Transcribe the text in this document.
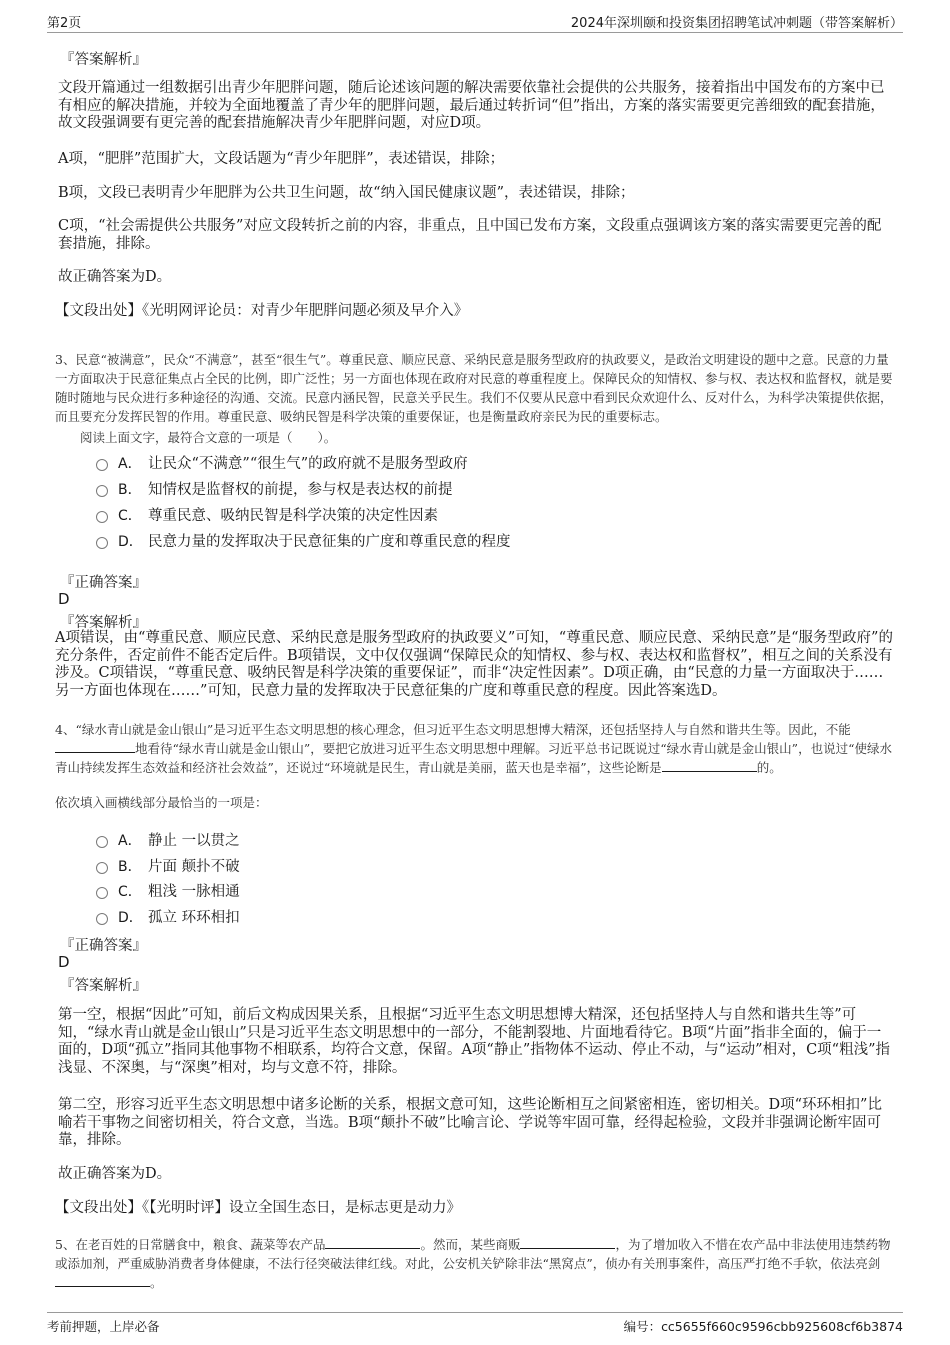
第2页	2024年深圳颐和投资集团招聘笔试冲刺题（带答案解析）
『答案解析』
文段开篇通过一组数据引出青少年肥胖问题，随后论述该问题的解决需要依靠社会提供的公共服务，接着指出中国发布的方案中已有相应的解决措施，并较为全面地覆盖了青少年的肥胖问题，最后通过转折词“但”指出，方案的落实需要更完善细致的配套措施，故文段强调要有更完善的配套措施解决青少年肥胖问题，对应D项。
A项，“肥胖”范围扩大，文段话题为“青少年肥胖”，表述错误，排除；
B项，文段已表明青少年肥胖为公共卫生问题，故“纳入国民健康议题”，表述错误，排除；
C项，“社会需提供公共服务”对应文段转折之前的内容，非重点，且中国已发布方案，文段重点强调该方案的落实需要更完善的配套措施，排除。
故正确答案为D。
【文段出处】《光明网评论员：对青少年肥胖问题必须及早介入》
3、民意“被满意”，民众“不满意”，甚至“很生气”。尊重民意、顺应民意、采纳民意是服务型政府的执政要义，是政治文明建设的题中之意。民意的力量一方面取决于民意征集点占全民的比例，即广泛性；另一方面也体现在政府对民意的尊重程度上。保障民众的知情权、参与权、表达权和监督权，就是要随时随地与民众进行多种途径的沟通、交流。民意内涵民智，民意关乎民生。我们不仅要从民意中看到民众欢迎什么、反对什么，为科学决策提供依据，而且要充分发挥民智的作用。尊重民意、吸纳民智是科学决策的重要保证，也是衡量政府亲民为民的重要标志。
阅读上面文字，最符合文意的一项是（　　）。
A． 让民众“不满意”“很生气”的政府就不是服务型政府
B． 知情权是监督权的前提，参与权是表达权的前提
C． 尊重民意、吸纳民智是科学决策的决定性因素
D． 民意力量的发挥取决于民意征集的广度和尊重民意的程度
『正确答案』
D
『答案解析』
A项错误，由“尊重民意、顺应民意、采纳民意是服务型政府的执政要义”可知，“尊重民意、顺应民意、采纳民意”是“服务型政府”的充分条件，否定前件不能否定后件。B项错误，文中仅仅强调“保障民众的知情权、参与权、表达权和监督权”，相互之间的关系没有涉及。C项错误，“尊重民意、吸纳民智是科学决策的重要保证”，而非“决定性因素”。D项正确，由“民意的力量一方面取决于……另一方面也体现在……”可知，民意力量的发挥取决于民意征集的广度和尊重民意的程度。因此答案选D。
4、“绿水青山就是金山银山”是习近平生态文明思想的核心理念，但习近平生态文明思想博大精深，还包括坚持人与自然和谐共生等。因此，不能地看待“绿水青山就是金山银山”，要把它放进习近平生态文明思想中理解。习近平总书记既说过“绿水青山就是金山银山”，也说过“使绿水青山持续发挥生态效益和经济社会效益”，还说过“环境就是民生，青山就是美丽，蓝天也是幸福”，这些论断是	的。
依次填入画横线部分最恰当的一项是：
A． 静止 一以贯之
B． 片面 颠扑不破
C． 粗浅 一脉相通
D． 孤立 环环相扣
『正确答案』
D
『答案解析』
第一空，根据“因此”可知，前后文构成因果关系，且根据“习近平生态文明思想博大精深，还包括坚持人与自然和谐共生等”可知，“绿水青山就是金山银山”只是习近平生态文明思想中的一部分，不能割裂地、片面地看待它。B项“片面”指非全面的，偏于一面的，D项“孤立”指同其他事物不相联系，均符合文意，保留。A项“静止”指物体不运动、停止不动，与“运动”相对，C项“粗浅”指浅显、不深奥，与“深奥”相对，均与文意不符，排除。
第二空，形容习近平生态文明思想中诸多论断的关系，根据文意可知，这些论断相互之间紧密相连，密切相关。D项“环环相扣”比喻若干事物之间密切相关，符合文意，当选。B项“颠扑不破”比喻言论、学说等牢固可靠，经得起检验，文段并非强调论断牢固可靠，排除。
故正确答案为D。
【文段出处】《【光明时评】设立全国生态日，是标志更是动力》
5、在老百姓的日常膳食中，粮食、蔬菜等农产品	。然而，某些商贩	，为了增加收入不惜在农产品中非法使用违禁药物或添加剂，严重威胁消费者身体健康，不法行径突破法律红线。对此，公安机关铲除非法“黑窝点”，侦办有关刑事案件，高压严打绝不手软，依法亮剑。
考前押题，上岸必备	编号：cc5655f660c9596cbb925608cf6b3874
